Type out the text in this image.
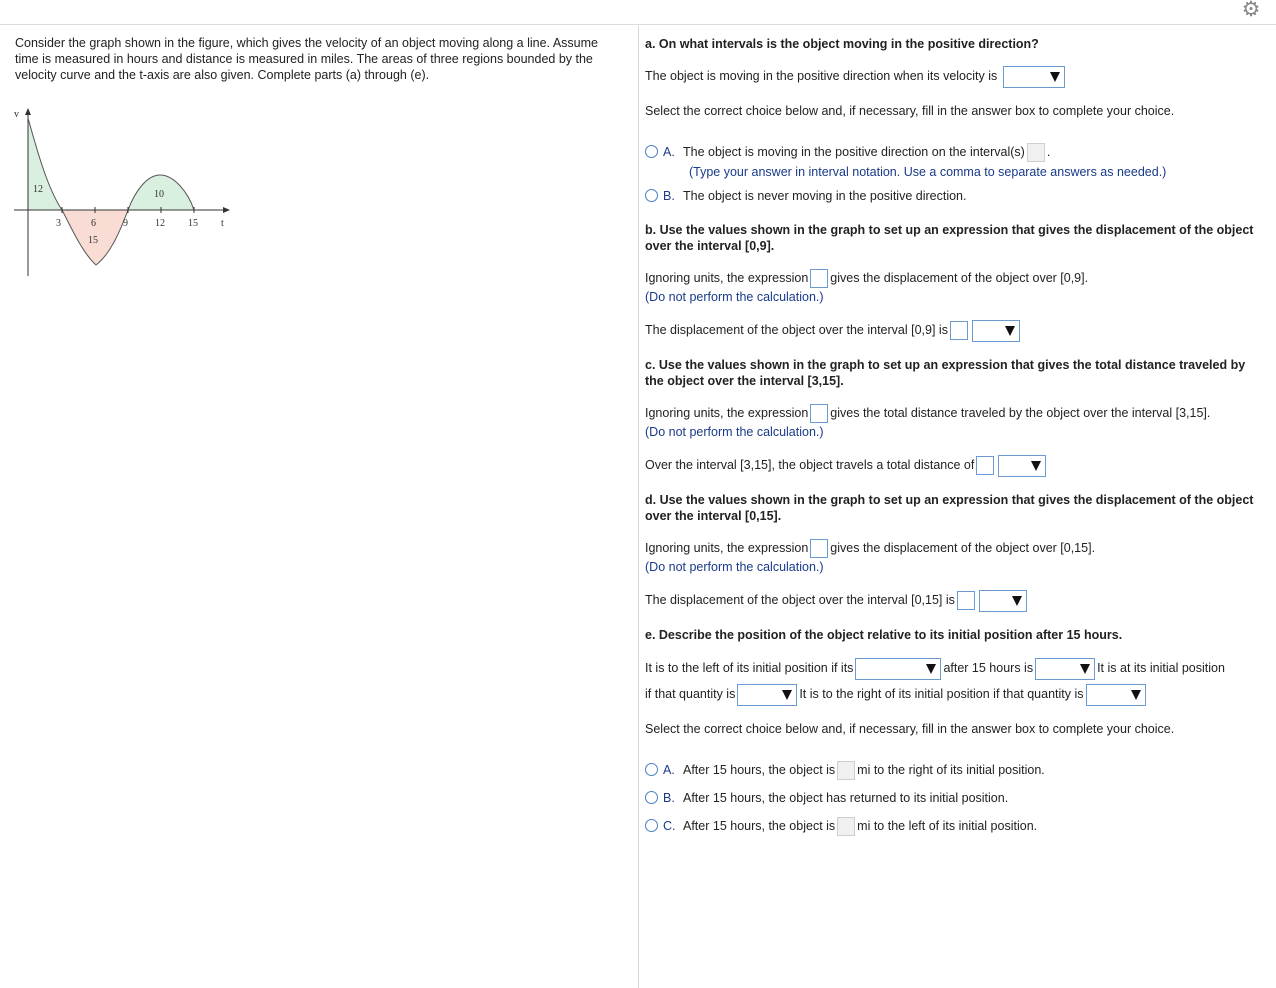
⚙
Consider the graph shown in the figure, which gives the velocity of an object moving along a line. Assume time is measured in hours and distance is measured in miles. The areas of three regions bounded by the velocity curve and the t-axis are also given. Complete parts (a) through (e).
v
t
3	6	9	12 15
12
15
10
a. On what intervals is the object moving in the positive direction?
The object is moving in the positive direction when its velocity is
Select the correct choice below and, if necessary, fill in the answer box to complete your choice.
A. The object is moving in the positive direction on the interval(s) .
(Type your answer in interval notation. Use a comma to separate answers as needed.)
B. The object is never moving in the positive direction.
b. Use the values shown in the graph to set up an expression that gives the displacement of the object over the interval [0,9].
Ignoring units, the expression gives the displacement of the object over [0,9].
(Do not perform the calculation.)
The displacement of the object over the interval [0,9] is
c. Use the values shown in the graph to set up an expression that gives the total distance traveled by the object over the interval [3,15].
Ignoring units, the expression gives the total distance traveled by the object over the interval [3,15].
(Do not perform the calculation.)
Over the interval [3,15], the object travels a total distance of
d. Use the values shown in the graph to set up an expression that gives the displacement of the object over the interval [0,15].
Ignoring units, the expression gives the displacement of the object over [0,15].
(Do not perform the calculation.)
The displacement of the object over the interval [0,15] is
e. Describe the position of the object relative to its initial position after 15 hours.
It is to the left of its initial position if its	after 15 hours is	It is at its initial position
if that quantity is	It is to the right of its initial position if that quantity is
Select the correct choice below and, if necessary, fill in the answer box to complete your choice.
A. After 15 hours, the object is mi to the right of its initial position.
B. After 15 hours, the object has returned to its initial position.
C. After 15 hours, the object is mi to the left of its initial position.
